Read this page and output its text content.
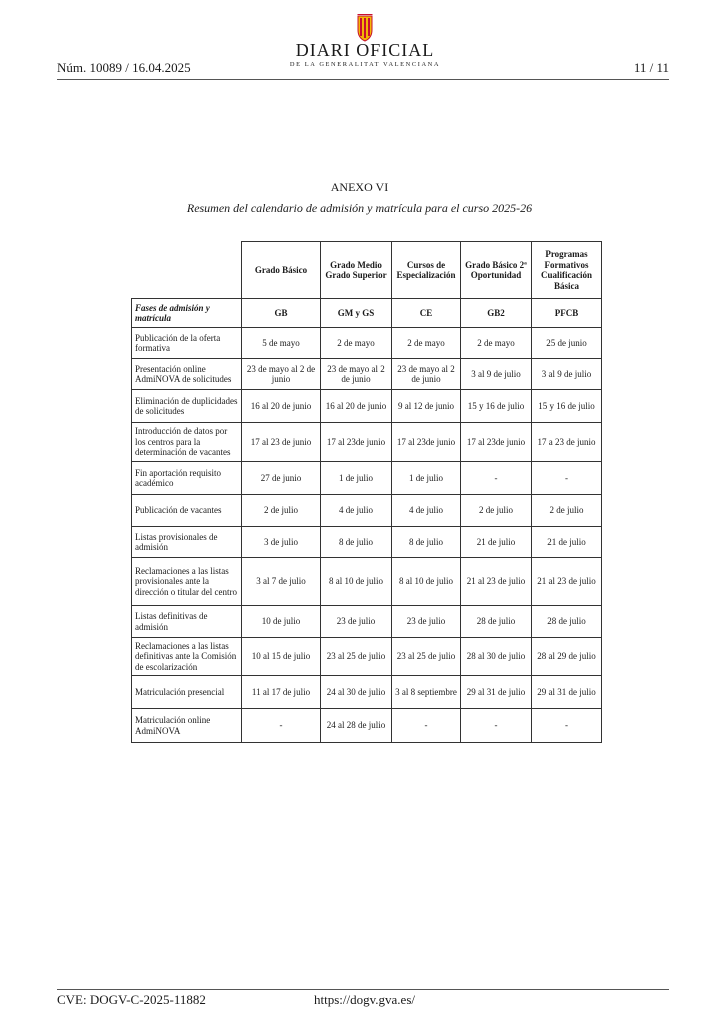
Núm. 10089 / 16.04.2025
DIARI OFICIAL
DE LA GENERALITAT VALENCIANA	11 / 11
ANEXO VI
Resumen del calendario de admisión y matrícula para el curso 2025-26
	Grado Básico	Grado Medio Grado Superior	Cursos de Especialización	Grado Básico 2ª Oportunidad	Programas Formativos Cualificación Básica
Fases de admisión y matrícula	GB	GM y GS	CE	GB2	PFCB
Publicación de la oferta formativa	5 de mayo	2 de mayo	2 de mayo	2 de mayo	25 de junio
Presentación online AdmiNOVA de solicitudes	23 de mayo al 2 de junio	23 de mayo al 2 de junio	23 de mayo al 2 de junio	3 al 9 de julio	3 al 9 de julio
Eliminación de duplicidades de solicitudes	16 al 20 de junio	16 al 20 de junio	9 al 12 de junio	15 y 16 de julio	15 y 16 de julio
Introducción de datos por los centros para la determinación de vacantes	17 al 23 de junio	17 al 23de junio	17 al 23de junio	17 al 23de junio	17 a 23 de junio
Fin aportación requisito académico	27 de junio	1 de julio	1 de julio	-	-
Publicación de vacantes	2 de julio	4 de julio	4 de julio	2 de julio	2 de julio
Listas provisionales de admisión	3 de julio	8 de julio	8 de julio	21 de julio	21 de julio
Reclamaciones a las listas provisionales ante la dirección o titular del centro	3 al 7 de julio	8 al 10 de julio	8 al 10 de julio	21 al 23 de julio	21 al 23 de julio
Listas definitivas de admisión	10 de julio	23 de julio	23 de julio	28 de julio	28 de julio
Reclamaciones a las listas definitivas ante la Comisión de escolarización	10 al 15 de julio	23 al 25 de julio	23 al 25 de julio	28 al 30 de julio	28 al 29 de julio
Matriculación presencial	11 al 17 de julio	24 al 30 de julio	3 al 8 septiembre	29 al 31 de julio	29 al 31 de julio
Matriculación online AdmiNOVA	-	24 al 28 de julio	-	-	-
CVE: DOGV-C-2025-11882	https://dogv.gva.es/
